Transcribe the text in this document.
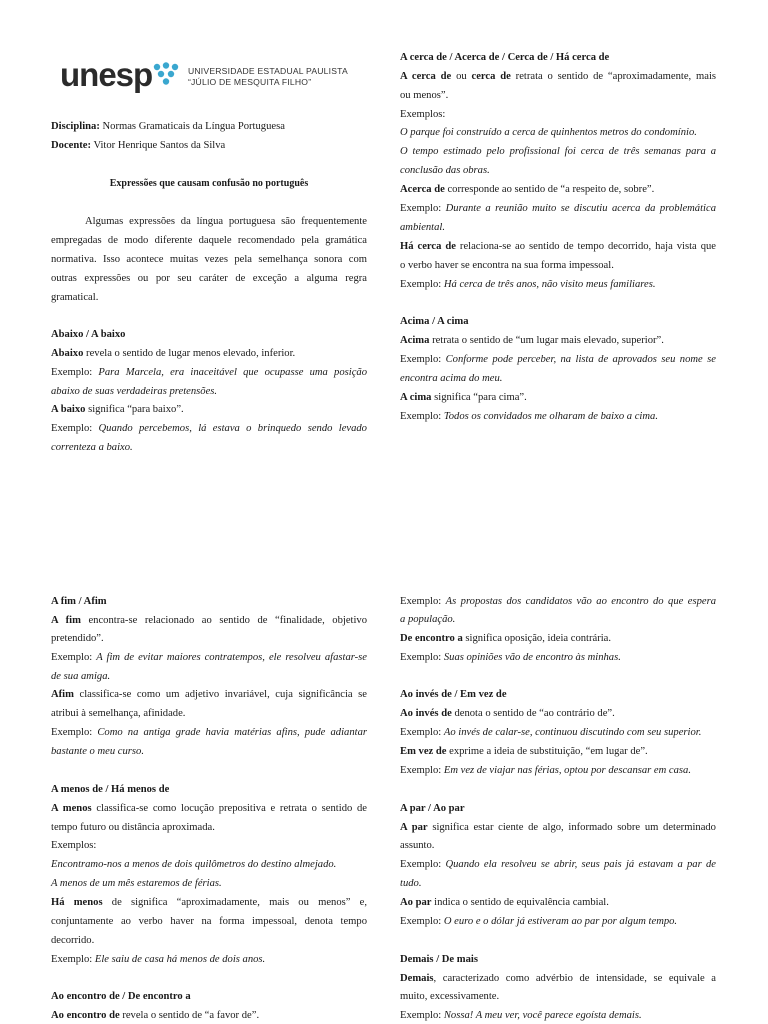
unesp	UNIVERSIDADE ESTADUAL PAULISTA
“JÚLIO DE MESQUITA FILHO”
Disciplina: Normas Gramaticais da Língua Portuguesa
Docente: Vitor Henrique Santos da Silva
Expressões que causam confusão no português
Algumas expressões da língua portuguesa são frequentemente
empregadas de modo diferente daquele recomendado pela gramática
normativa. Isso acontece muitas vezes pela semelhança sonora com
outras expressões ou por seu caráter de exceção a alguma regra
gramatical.
Abaixo / A baixo
Abaixo revela o sentido de lugar menos elevado, inferior.
Exemplo: Para Marcela, era inaceitável que ocupasse uma posição
abaixo de suas verdadeiras pretensões.
A baixo significa “para baixo”.
Exemplo: Quando percebemos, lá estava o brinquedo sendo levado
correnteza a baixo.
A cerca de / Acerca de / Cerca de / Há cerca de
A cerca de ou cerca de retrata o sentido de “aproximadamente, mais
ou menos”.
Exemplos:
O parque foi construído a cerca de quinhentos metros do condomínio.
O tempo estimado pelo profissional foi cerca de três semanas para a
conclusão das obras.
Acerca de corresponde ao sentido de “a respeito de, sobre”.
Exemplo: Durante a reunião muito se discutiu acerca da problemática
ambiental.
Há cerca de relaciona-se ao sentido de tempo decorrido, haja vista que
o verbo haver se encontra na sua forma impessoal.
Exemplo: Há cerca de três anos, não visito meus familiares.
Acima / A cima
Acima retrata o sentido de “um lugar mais elevado, superior”.
Exemplo: Conforme pode perceber, na lista de aprovados seu nome se
encontra acima do meu.
A cima significa “para cima”.
Exemplo: Todos os convidados me olharam de baixo a cima.
A fim / Afim
A fim encontra-se relacionado ao sentido de “finalidade, objetivo
pretendido”.
Exemplo: A fim de evitar maiores contratempos, ele resolveu afastar-se
de sua amiga.
Afim classifica-se como um adjetivo invariável, cuja significância se
atribui à semelhança, afinidade.
Exemplo: Como na antiga grade havia matérias afins, pude adiantar
bastante o meu curso.
A menos de / Há menos de
A menos classifica-se como locução prepositiva e retrata o sentido de
tempo futuro ou distância aproximada.
Exemplos:
Encontramo-nos a menos de dois quilômetros do destino almejado.
A menos de um mês estaremos de férias.
Há menos de significa “aproximadamente, mais ou menos” e,
conjuntamente ao verbo haver na forma impessoal, denota tempo
decorrido.
Exemplo: Ele saiu de casa há menos de dois anos.
Ao encontro de / De encontro a
Ao encontro de revela o sentido de “a favor de”.
Exemplo: As propostas dos candidatos vão ao encontro do que espera
a população.
De encontro a significa oposição, ideia contrária.
Exemplo: Suas opiniões vão de encontro às minhas.
Ao invés de / Em vez de
Ao invés de denota o sentido de “ao contrário de”.
Exemplo: Ao invés de calar-se, continuou discutindo com seu superior.
Em vez de exprime a ideia de substituição, “em lugar de”.
Exemplo: Em vez de viajar nas férias, optou por descansar em casa.
A par / Ao par
A par significa estar ciente de algo, informado sobre um determinado
assunto.
Exemplo: Quando ela resolveu se abrir, seus pais já estavam a par de
tudo.
Ao par indica o sentido de equivalência cambial.
Exemplo: O euro e o dólar já estiveram ao par por algum tempo.
Demais / De mais
Demais, caracterizado como advérbio de intensidade, se equivale a
muito, excessivamente.
Exemplo: Nossa! A meu ver, você parece egoísta demais.
